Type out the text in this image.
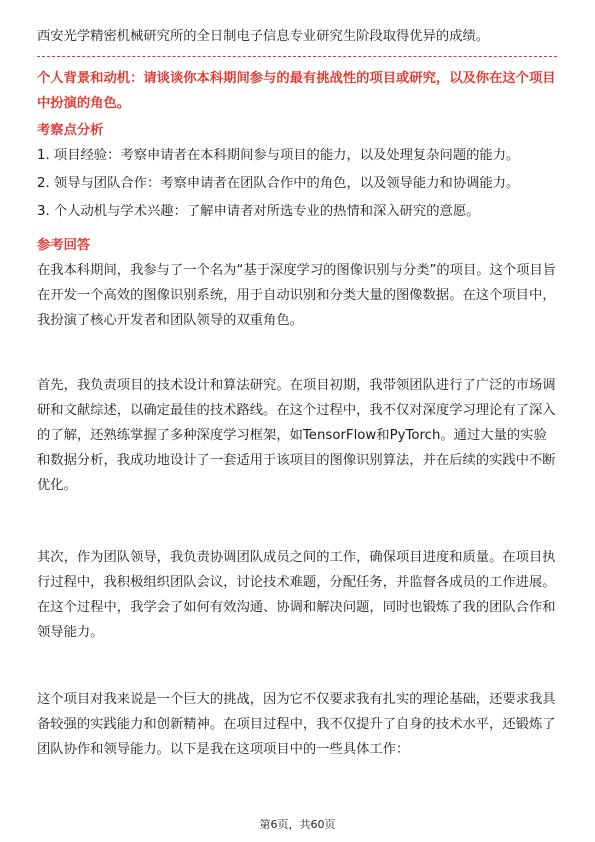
西安光学精密机械研究所的全日制电子信息专业研究生阶段取得优异的成绩。

个人背景和动机：请谈谈你本科期间参与的最有挑战性的项目或研究，以及你在这个项目中扮演的角色。

考察点分析

1. 项目经验：考察申请者在本科期间参与项目的能力，以及处理复杂问题的能力。

2. 领导与团队合作：考察申请者在团队合作中的角色，以及领导能力和协调能力。

3. 个人动机与学术兴趣：了解申请者对所选专业的热情和深入研究的意愿。

参考回答

在我本科期间，我参与了一个名为“基于深度学习的图像识别与分类”的项目。这个项目旨在开发一个高效的图像识别系统，用于自动识别和分类大量的图像数据。在这个项目中，我扮演了核心开发者和团队领导的双重角色。

首先，我负责项目的技术设计和算法研究。在项目初期，我带领团队进行了广泛的市场调研和文献综述，以确定最佳的技术路线。在这个过程中，我不仅对深度学习理论有了深入的了解，还熟练掌握了多种深度学习框架，如TensorFlow和PyTorch。通过大量的实验和数据分析，我成功地设计了一套适用于该项目的图像识别算法，并在后续的实践中不断优化。

其次，作为团队领导，我负责协调团队成员之间的工作，确保项目进度和质量。在项目执行过程中，我积极组织团队会议，讨论技术难题，分配任务，并监督各成员的工作进展。在这个过程中，我学会了如何有效沟通、协调和解决问题，同时也锻炼了我的团队合作和领导能力。

这个项目对我来说是一个巨大的挑战，因为它不仅要求我有扎实的理论基础，还要求我具备较强的实践能力和创新精神。在项目过程中，我不仅提升了自身的技术水平，还锻炼了团队协作和领导能力。以下是我在这项项目中的一些具体工作：

第6页，共60页
